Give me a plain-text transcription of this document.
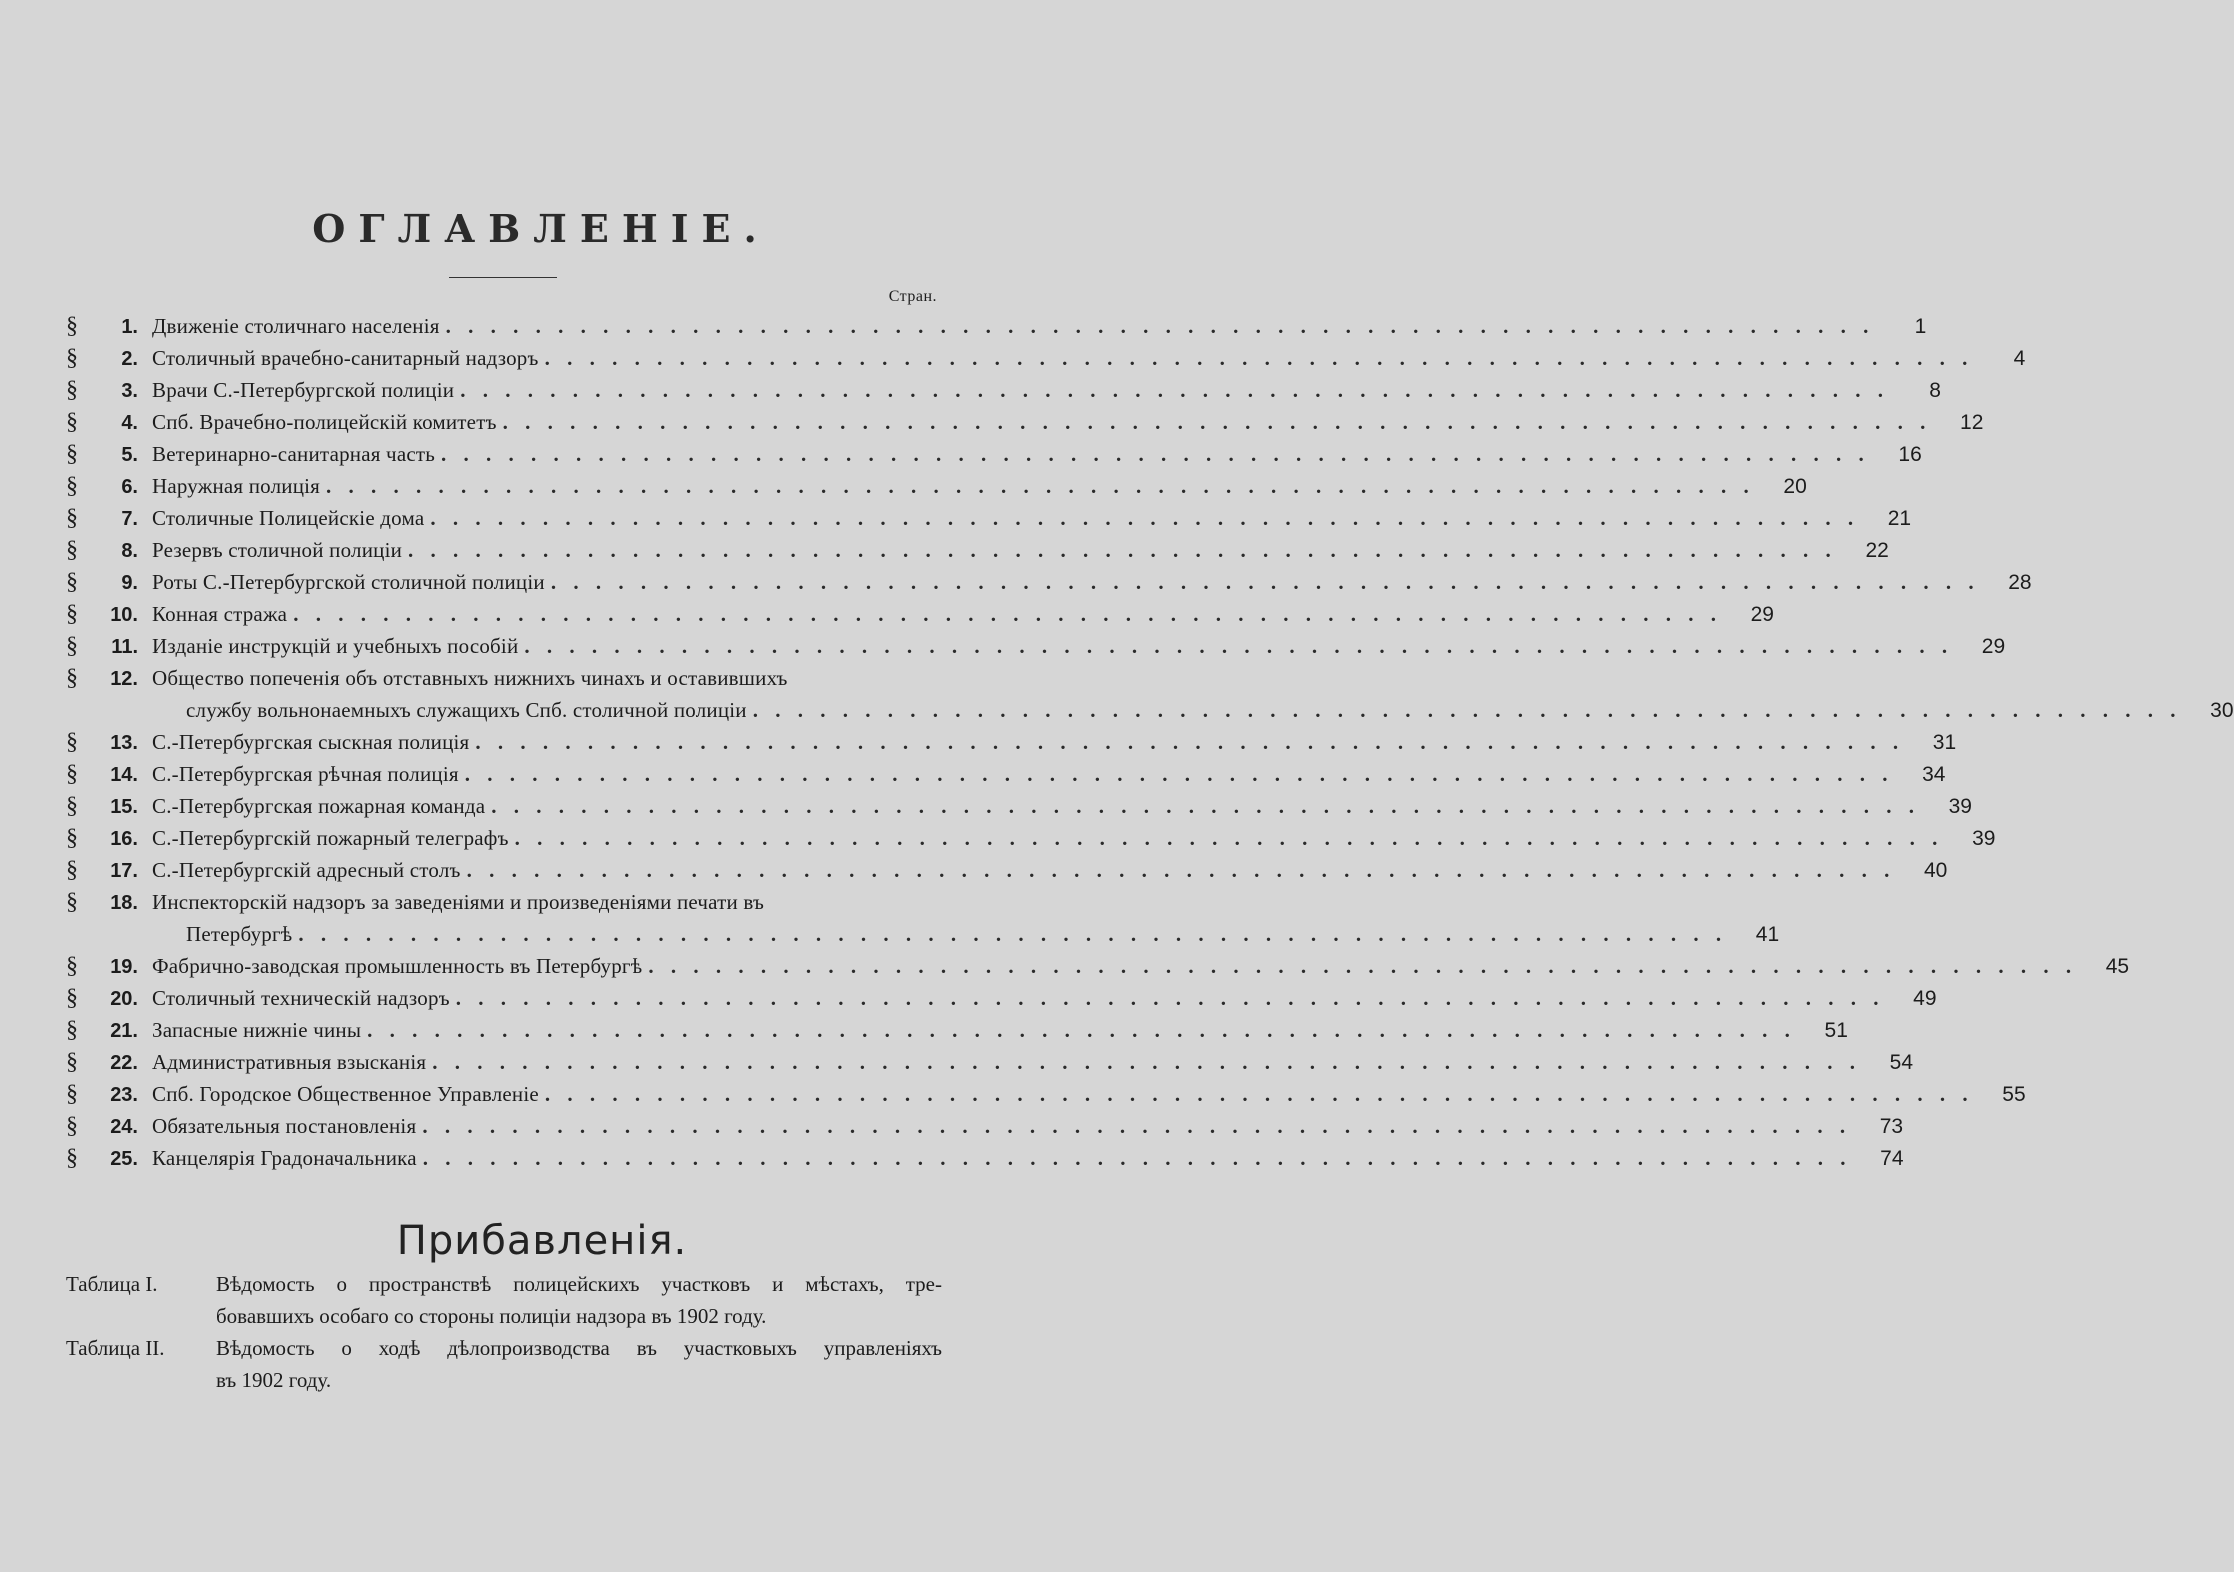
ОГЛАВЛЕНІЕ.
Стран.
§	1. Движеніе столичнаго населенія . . .	1
§	2. Столичный врачебно-санитарный надзоръ . . .	4
§	3. Врачи С.-Петербургской полиціи . . .	8
§	4. Спб. Врачебно-полицейскій комитетъ . . .	12
§	5. Ветеринарно-санитарная часть . . .	16
§	6. Наружная полиція . . .	20
§	7. Столичные Полицейскіе дома . . .	21
§	8. Резервъ столичной полиціи . . .	22
§	9. Роты С.-Петербургской столичной полиціи . . .	28
§	10. Конная стража . . .	29
§	11. Изданіе инструкцій и учебныхъ пособій . . .	29
§	12. Общество попеченія объ отставныхъ нижнихъ чинахъ и оставившихъ
службу вольнонаемныхъ служащихъ Спб. столичной полиціи . . .	30
§	13. С.-Петербургская сыскная полиція . . .	31
§	14. С.-Петербургская рѣчная полиція . . .	34
§	15. С.-Петербургская пожарная команда . . .	39
§	16. С.-Петербургскій пожарный телеграфъ . . .	39
§	17. С.-Петербургскій адресный столъ . . .	40
§	18. Инспекторскій надзоръ за заведеніями и произведеніями печати въ
Петербургѣ . . .	41
§	19. Фабрично-заводская промышленность въ Петербургѣ . . .	45
§	20. Столичный техническій надзоръ . . .	49
§	21. Запасные нижніе чины . . .	51
§	22. Административныя взысканія . . .	54
§	23. Спб. Городское Общественное Управленіе . . .	55
§	24. Обязательныя постановленія . . .	73
§	25. Канцелярія Градоначальника . . .	74
Прибавленія.
Таблица I.	Вѣдомость о пространствѣ полицейскихъ участковъ и мѣстахъ, тре-
бовавшихъ особаго со стороны полиціи надзора въ 1902 году.
Таблица II.	Вѣдомость о ходѣ дѣлопроизводства въ участковыхъ управленіяхъ
въ 1902 году.
